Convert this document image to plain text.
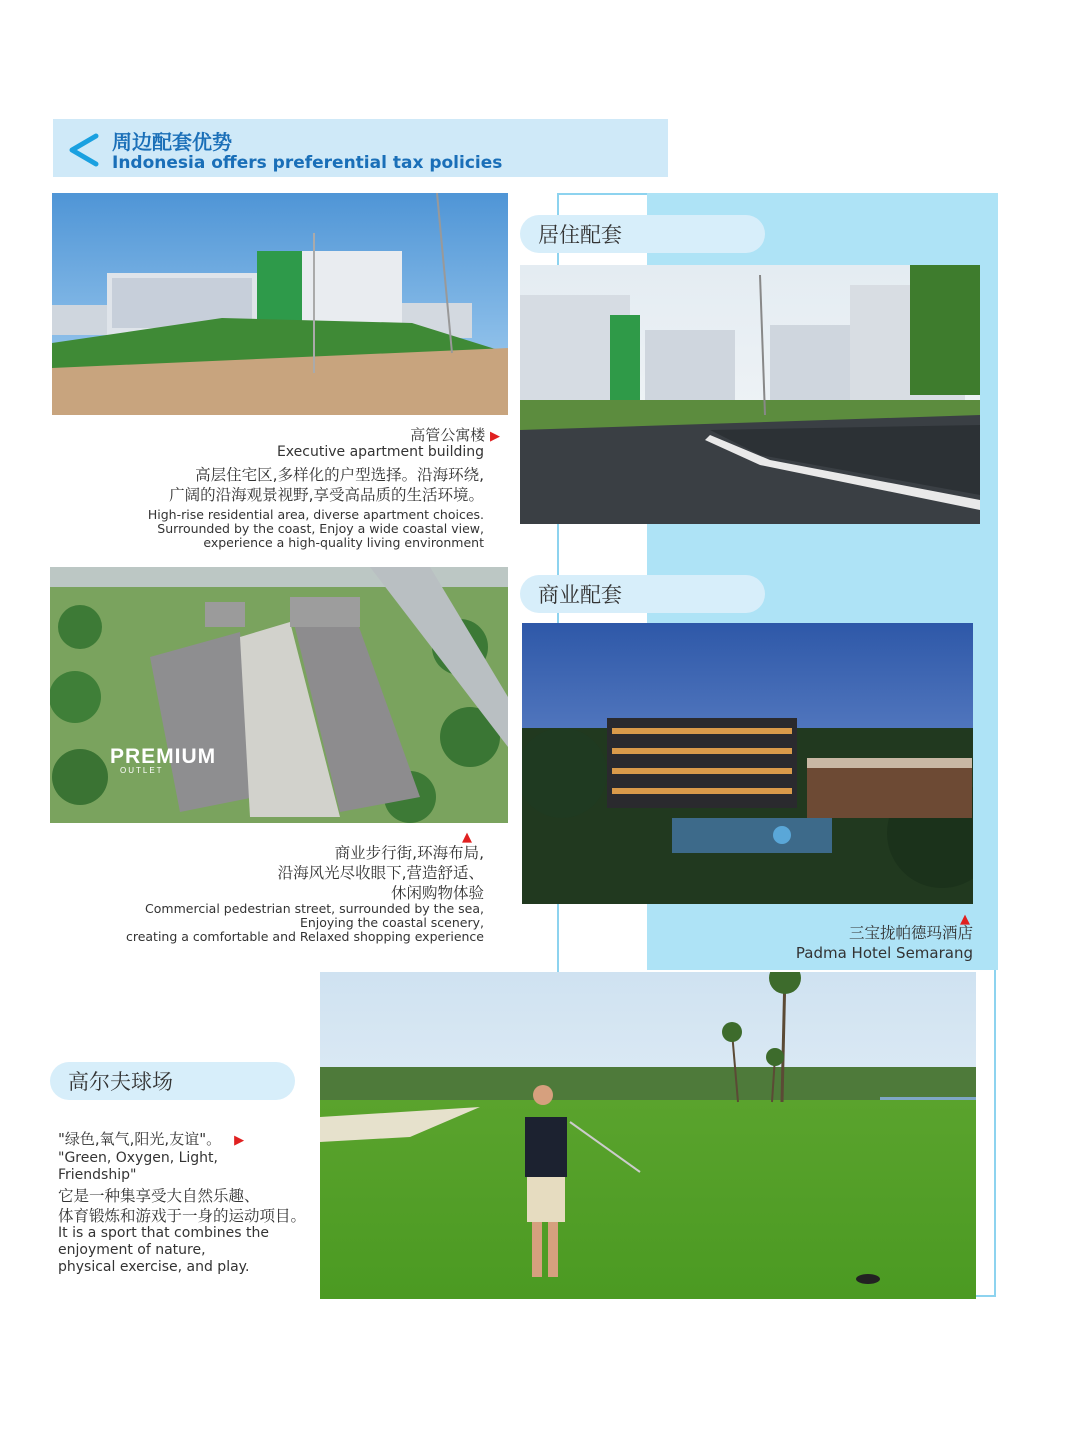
周边配套优势
Indonesia offers preferential tax policies
居住配套
高管公寓楼 ▶
Executive apartment building
高层住宅区,多样化的户型选择。沿海环绕,
广阔的沿海观景视野,享受高品质的生活环境。
High-rise residential area, diverse apartment choices.
Surrounded by the coast, Enjoy a wide coastal view,
experience a high-quality living environment
PREMIUM
OUTLET
商业配套
▲
商业步行街,环海布局,
沿海风光尽收眼下,营造舒适、
休闲购物体验
Commercial pedestrian street, surrounded by the sea,
Enjoying the coastal scenery,
creating a comfortable and Relaxed shopping experience
▲
三宝拢帕德玛酒店
Padma Hotel Semarang
高尔夫球场
"绿色,氧气,阳光,友谊"。   ▶
"Green, Oxygen, Light,
Friendship"
它是一种集享受大自然乐趣、
体育锻炼和游戏于一身的运动项目。
It is a sport that combines the
enjoyment of nature,
physical exercise, and play.
